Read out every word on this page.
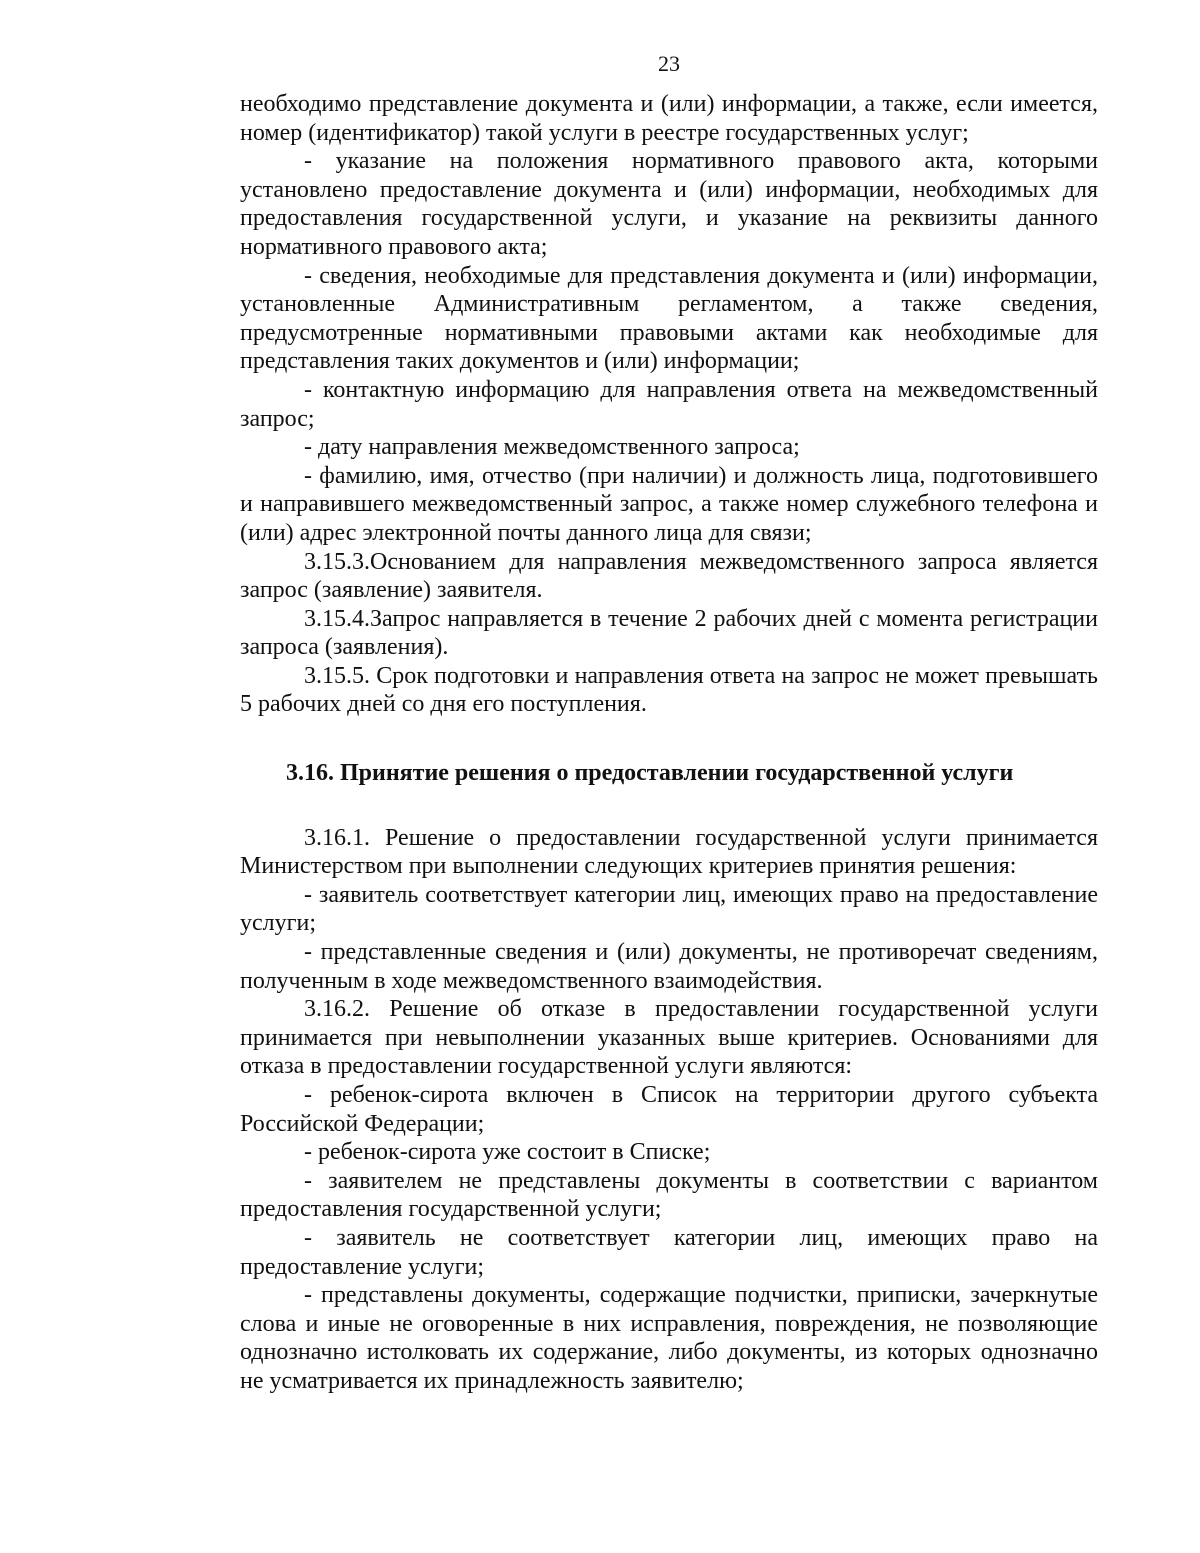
23

необходимо представление документа и (или) информации, а также, если имеется, номер (идентификатор) такой услуги в реестре государственных услуг;

- указание на положения нормативного правового акта, которыми установлено предоставление документа и (или) информации, необходимых для предоставления государственной услуги, и указание на реквизиты данного нормативного правового акта;

- сведения, необходимые для представления документа и (или) информации, установленные Административным регламентом, а также сведения, предусмотренные нормативными правовыми актами как необходимые для представления таких документов и (или) информации;

- контактную информацию для направления ответа на межведомственный запрос;

- дату направления межведомственного запроса;

- фамилию, имя, отчество (при наличии) и должность лица, подготовившего и направившего межведомственный запрос, а также номер служебного телефона и (или) адрес электронной почты данного лица для связи;

3.15.3.Основанием для направления межведомственного запроса является запрос (заявление) заявителя.

3.15.4.Запрос направляется в течение 2 рабочих дней с момента регистрации запроса (заявления).

3.15.5. Срок подготовки и направления ответа на запрос не может превышать 5 рабочих дней со дня его поступления.

3.16. Принятие решения о предоставлении государственной услуги

3.16.1. Решение о предоставлении государственной услуги принимается Министерством при выполнении следующих критериев принятия решения:

- заявитель соответствует категории лиц, имеющих право на предоставление услуги;

- представленные сведения и (или) документы, не противоречат сведениям, полученным в ходе межведомственного взаимодействия.

3.16.2. Решение об отказе в предоставлении государственной услуги принимается при невыполнении указанных выше критериев. Основаниями для отказа в предоставлении государственной услуги являются:

- ребенок-сирота включен в Список на территории другого субъекта Российской Федерации;

- ребенок-сирота уже состоит в Списке;

- заявителем не представлены документы в соответствии с вариантом предоставления государственной услуги;

- заявитель не соответствует категории лиц, имеющих право на предоставление услуги;

- представлены документы, содержащие подчистки, приписки, зачеркнутые слова и иные не оговоренные в них исправления, повреждения, не позволяющие однозначно истолковать их содержание, либо документы, из которых однозначно не усматривается их принадлежность заявителю;
